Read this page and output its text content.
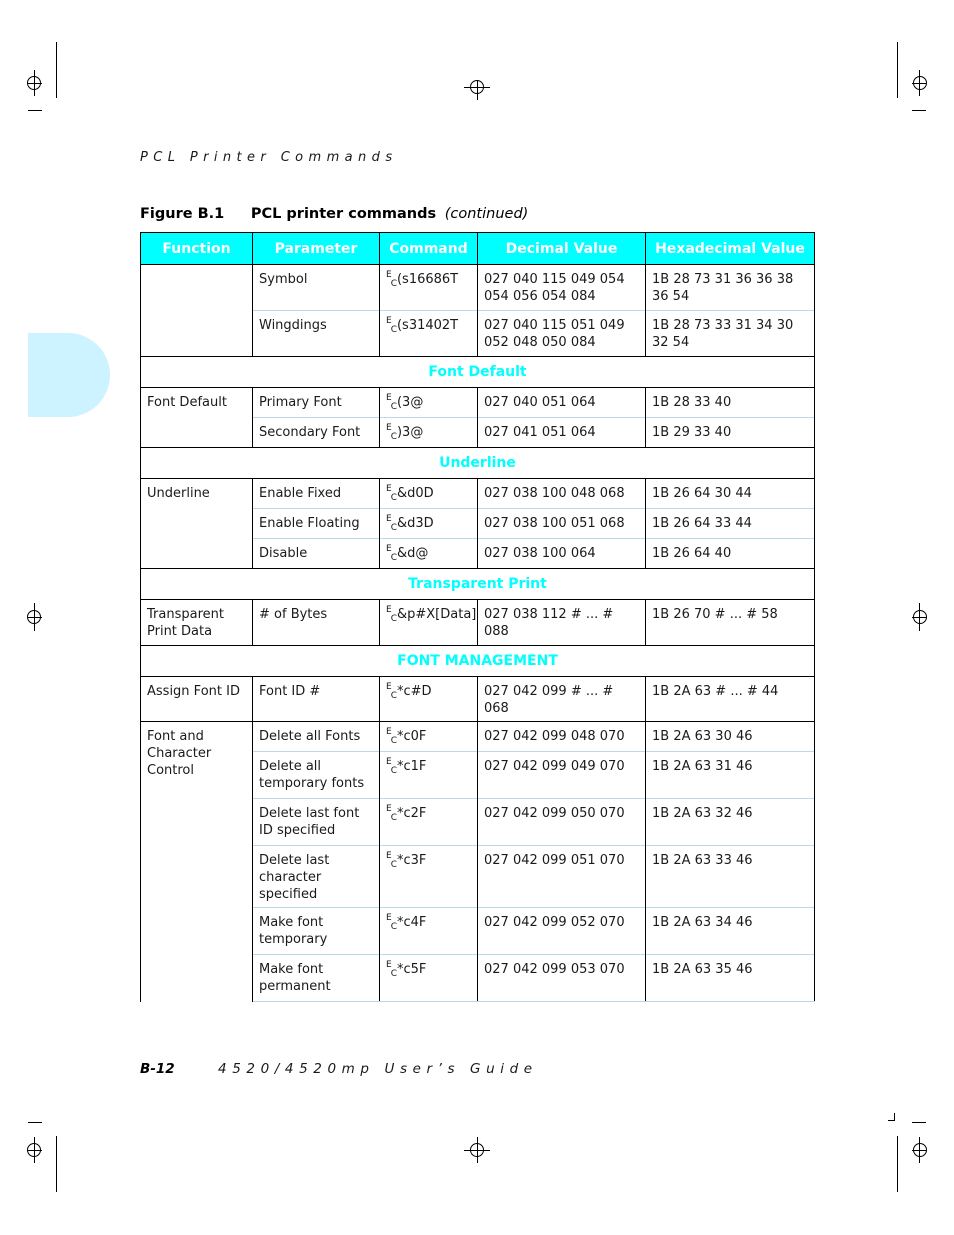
PCL Printer Commands
Figure B.1 PCL printer commands (continued)
Function	Parameter	Command	Decimal Value	Hexadecimal Value
	Symbol	EC(s16686T	027 040 115 049 054 054 056 054 084	1B 28 73 31 36 36 38 36 54
	Wingdings	EC(s31402T	027 040 115 051 049 052 048 050 084	1B 28 73 33 31 34 30 32 54
Font Default				
Font Default	Primary Font	EC(3@	027 040 051 064	1B 28 33 40
	Secondary Font	EC)3@	027 041 051 064	1B 29 33 40
Underline				
Underline	Enable Fixed	EC&d0D	027 038 100 048 068	1B 26 64 30 44
	Enable Floating	EC&d3D	027 038 100 051 068	1B 26 64 33 44
	Disable	EC&d@	027 038 100 064	1B 26 64 40
Transparent Print				
Transparent Print Data	# of Bytes	EC&p#X[Data]	027 038 112 # ... # 088	1B 26 70 # ... # 58
FONT MANAGEMENT				
Assign Font ID	Font ID #	EC*c#D	027 042 099 # ... # 068	1B 2A 63 # ... # 44
Font and Character Control	Delete all Fonts	EC*c0F	027 042 099 048 070	1B 2A 63 30 46
	Delete all temporary fonts	EC*c1F	027 042 099 049 070	1B 2A 63 31 46
	Delete last font ID specified	EC*c2F	027 042 099 050 070	1B 2A 63 32 46
	Delete last character specified	EC*c3F	027 042 099 051 070	1B 2A 63 33 46
	Make font temporary	EC*c4F	027 042 099 052 070	1B 2A 63 34 46
	Make font permanent	EC*c5F	027 042 099 053 070	1B 2A 63 35 46
B-12	4520/4520mp User’s Guide
